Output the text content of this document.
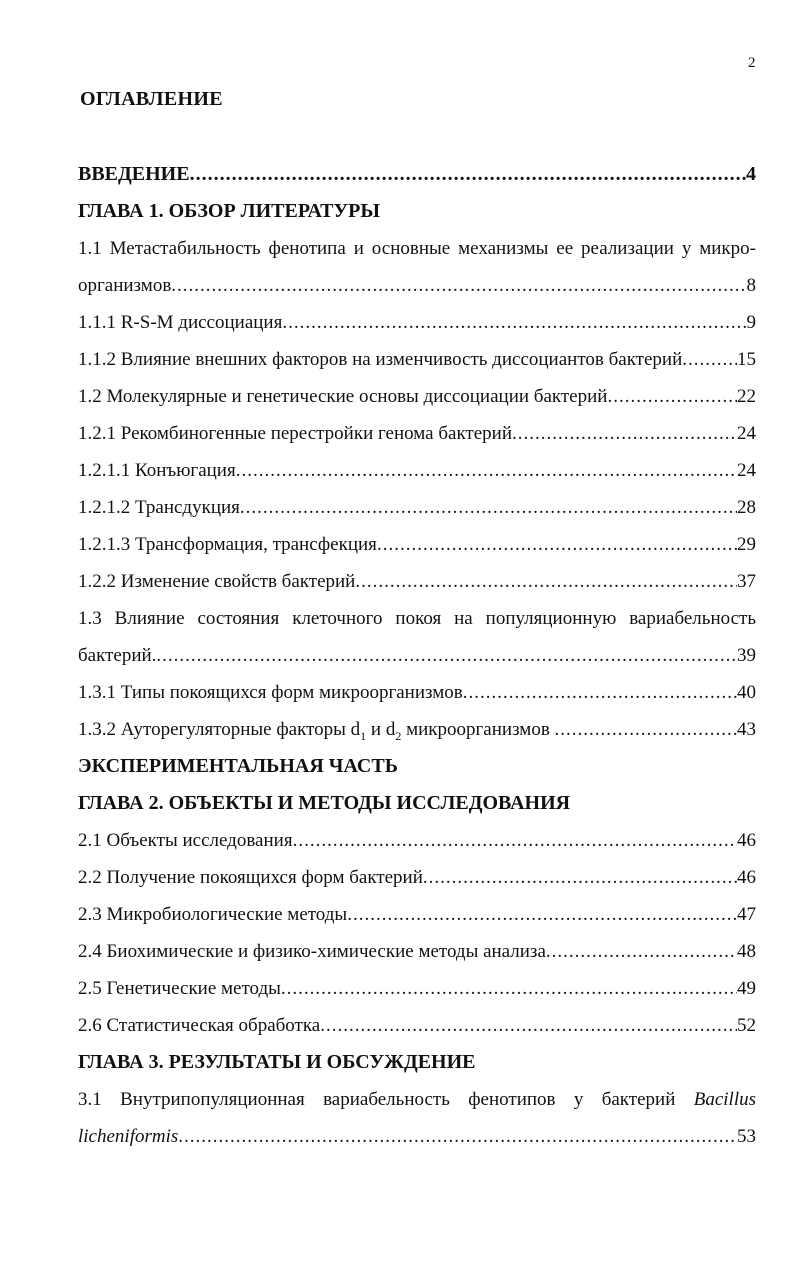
2
ОГЛАВЛЕНИЕ
ВВЕДЕНИЕ .....	4
ГЛАВА 1. ОБЗОР ЛИТЕРАТУРЫ
1.1 Метастабильность фенотипа и основные механизмы ее реализации у микро-
организмов .....	8
1.1.1 R-S-M диссоциация .....	9
1.1.2 Влияние внешних факторов на изменчивость диссоциантов бактерий .....	15
1.2 Молекулярные и генетические основы диссоциации бактерий .....	22
1.2.1 Рекомбиногенные перестройки генома бактерий .....	24
1.2.1.1 Конъюгация .....	24
1.2.1.2 Трансдукция .....	28
1.2.1.3 Трансформация, трансфекция .....	29
1.2.2 Изменение свойств бактерий .....	37
1.3 Влияние состояния клеточного покоя на популяционную вариабельность
бактерий. .....	39
1.3.1 Типы покоящихся форм микроорганизмов .....	40
1.3.2 Ауторегуляторные факторы $d_1$ и $d_2$ микроорганизмов .....	43
ЭКСПЕРИМЕНТАЛЬНАЯ ЧАСТЬ
ГЛАВА 2. ОБЪЕКТЫ И МЕТОДЫ ИССЛЕДОВАНИЯ
2.1 Объекты исследования .....	46
2.2 Получение покоящихся форм бактерий .....	46
2.3 Микробиологические методы .....	47
2.4 Биохимические и физико-химические методы анализа .....	48
2.5 Генетические методы .....	49
2.6 Статистическая обработка .....	52
ГЛАВА 3. РЕЗУЛЬТАТЫ И ОБСУЖДЕНИЕ
3.1 Внутрипопуляционная вариабельность фенотипов у бактерий Bacillus
licheniformis .....	53
